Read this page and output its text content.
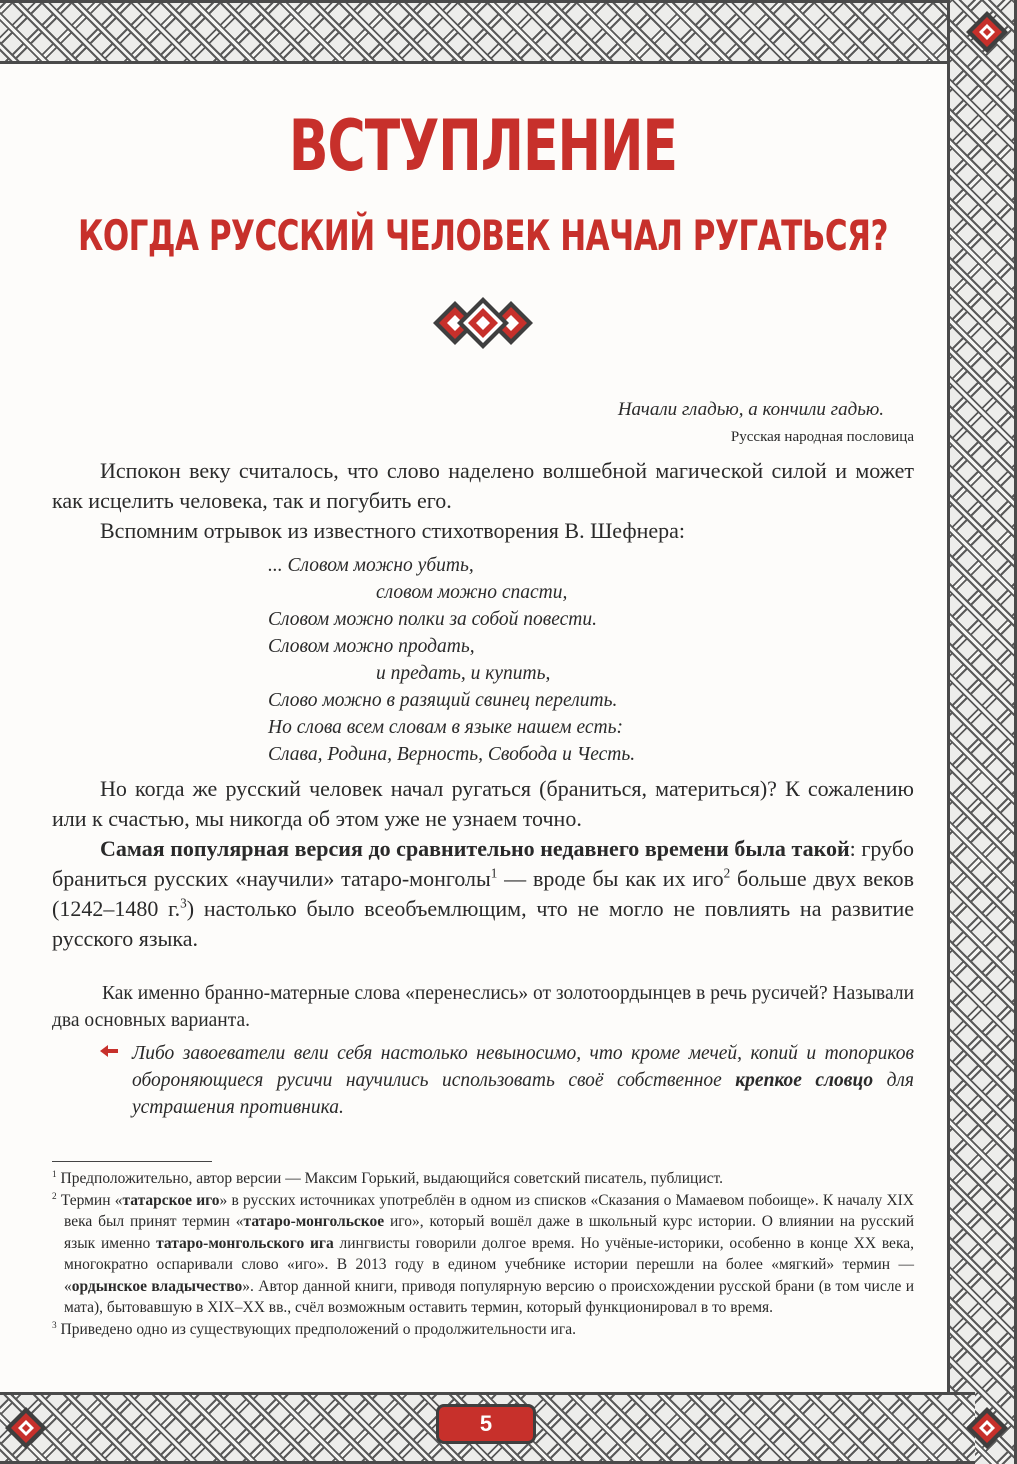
5
ВСТУПЛЕНИЕ
КОГДА РУССКИЙ ЧЕЛОВЕК НАЧАЛ РУГАТЬСЯ?
Начали гладью, а кончили гадью.
Русская народная пословица

Испокон веку считалось, что слово наделено волшебной магической силой и может как исцелить человека, так и погубить его.

Вспомним отрывок из известного стихотворения В. Шефнера:

... Словом можно убить,
словом можно спасти,
Словом можно полки за собой повести.
Словом можно продать,
и предать, и купить,
Слово можно в разящий свинец перелить.
Но слова всем словам в языке нашем есть:
Слава, Родина, Верность, Свобода и Честь.

Но когда же русский человек начал ругаться (браниться, материться)? К сожалению или к счастью, мы никогда об этом уже не узнаем точно.

Самая популярная версия до сравнительно недавнего времени была такой: грубо браниться русских «научили» татаро-монголы$^1$ — вроде бы как их иго$^2$ больше двух веков (1242–1480 г.$^3$) настолько было всеобъемлющим, что не могло не повлиять на развитие русского языка.

Как именно бранно-матерные слова «перенеслись» от золотоордынцев в речь русичей? Называли два основных варианта.

Либо завоеватели вели себя настолько невыносимо, что кроме мечей, копий и топориков обороняющиеся русичи научились использовать своё собственное крепкое словцо для устрашения противника.

$^1$ Предположительно, автор версии — Максим Горький, выдающийся советский писатель, публицист.
$^2$ Термин «татарское иго» в русских источниках употреблён в одном из списков «Сказания о Мамаевом побоище». К началу XIX века был принят термин «татаро-монгольское иго», который вошёл даже в школьный курс истории. О влиянии на русский язык именно татаро-монгольского ига лингвисты говорили долгое время. Но учёные-историки, особенно в конце XX века, многократно оспаривали слово «иго». В 2013 году в едином учебнике истории перешли на более «мягкий» термин — «ордынское владычество». Автор данной книги, приводя популярную версию о происхождении русской брани (в том числе и мата), бытовавшую в XIX–XX вв., счёл возможным оставить термин, который функционировал в то время.
$^3$ Приведено одно из существующих предположений о продолжительности ига.
